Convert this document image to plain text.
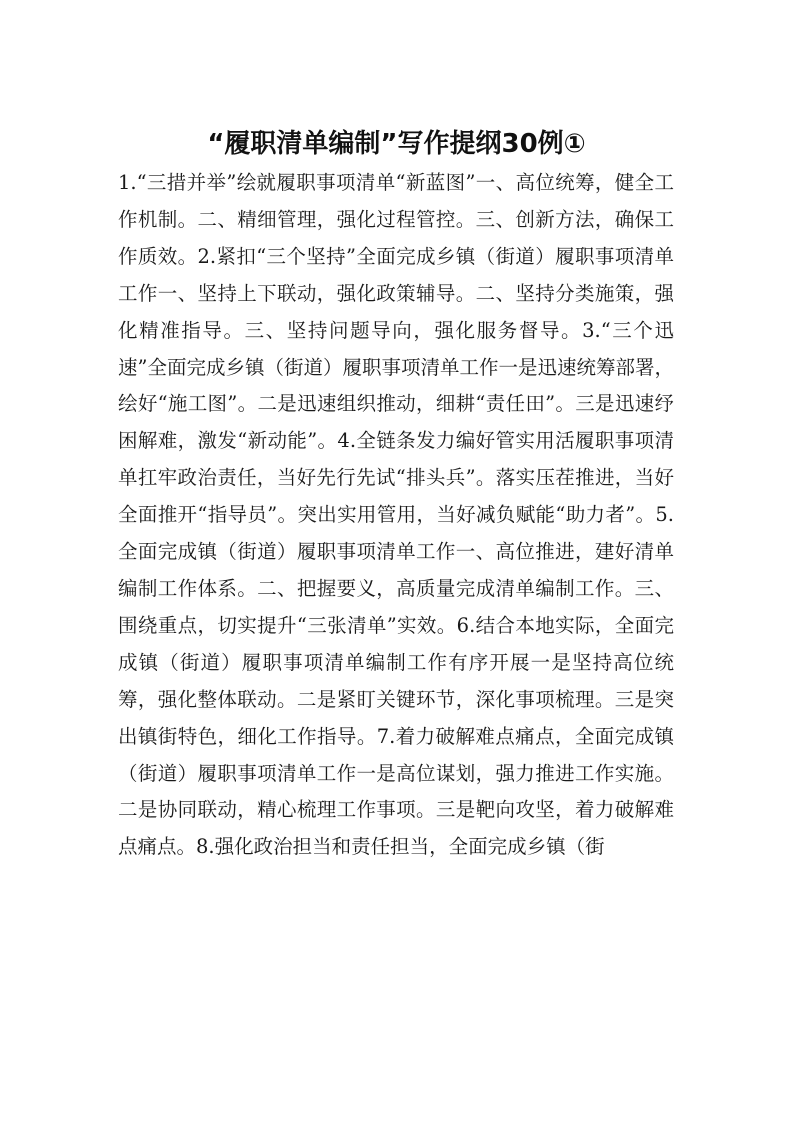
“履职清单编制”写作提纲30例①

1.“三措并举”绘就履职事项清单“新蓝图”一、高位统筹，健全工作机制。二、精细管理，强化过程管控。三、创新方法，确保工作质效。2.紧扣“三个坚持”全面完成乡镇（街道）履职事项清单工作一、坚持上下联动，强化政策辅导。二、坚持分类施策，强化精准指导。三、坚持问题导向，强化服务督导。3.“三个迅速”全面完成乡镇（街道）履职事项清单工作一是迅速统筹部署，绘好“施工图”。二是迅速组织推动，细耕“责任田”。三是迅速纾困解难，激发“新动能”。4.全链条发力编好管实用活履职事项清单扛牢政治责任，当好先行先试“排头兵”。落实压茬推进，当好全面推开“指导员”。突出实用管用，当好减负赋能“助力者”。5.全面完成镇（街道）履职事项清单工作一、高位推进，建好清单编制工作体系。二、把握要义，高质量完成清单编制工作。三、围绕重点，切实提升“三张清单”实效。6.结合本地实际，全面完成镇（街道）履职事项清单编制工作有序开展一是坚持高位统筹，强化整体联动。二是紧盯关键环节，深化事项梳理。三是突出镇街特色，细化工作指导。7.着力破解难点痛点，全面完成镇（街道）履职事项清单工作一是高位谋划，强力推进工作实施。二是协同联动，精心梳理工作事项。三是靶向攻坚，着力破解难点痛点。8.强化政治担当和责任担当，全面完成乡镇（街
